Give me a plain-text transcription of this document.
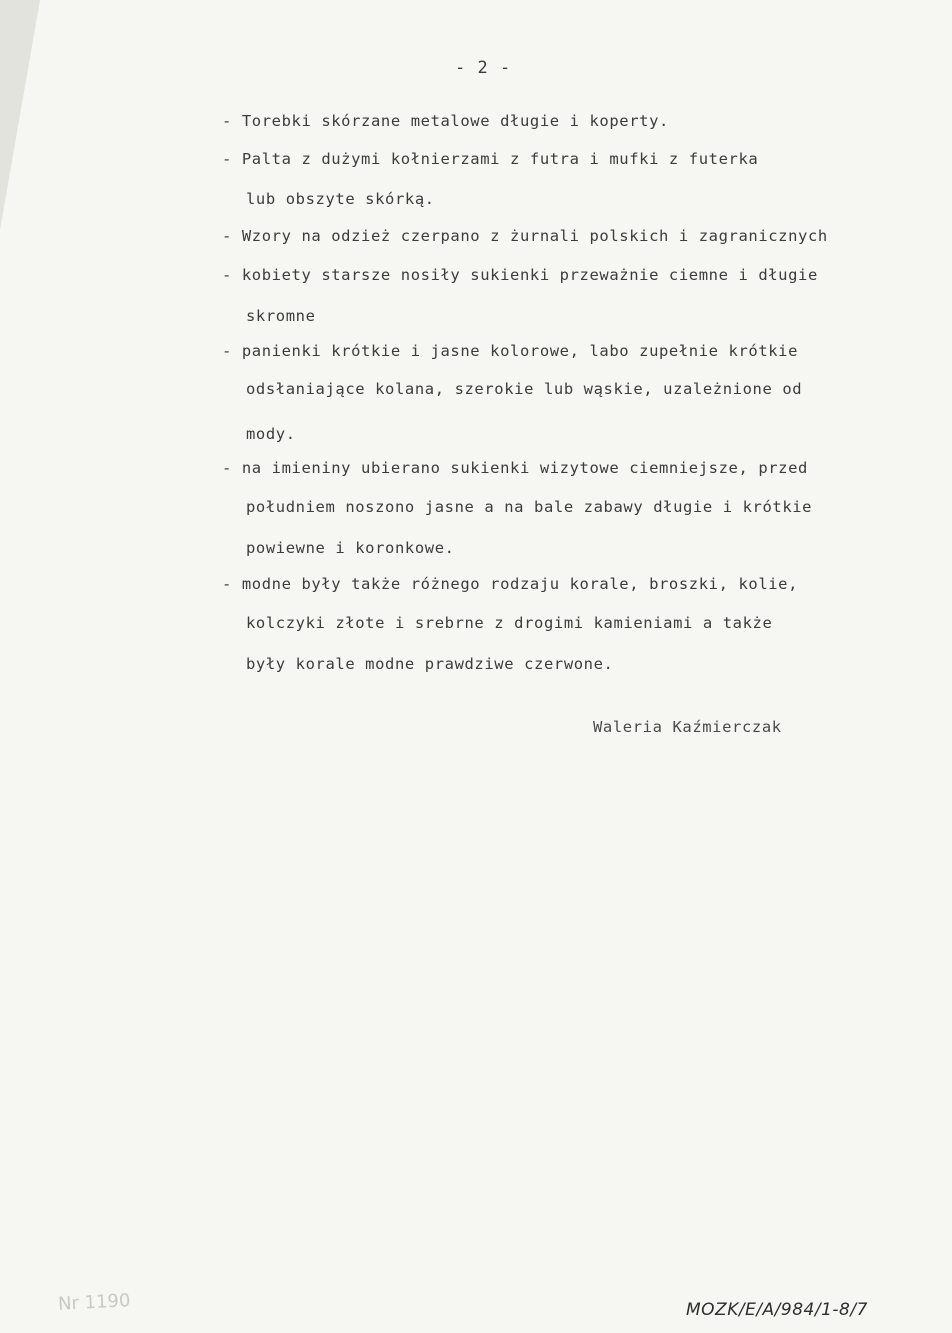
- 2 -
- Torebki skórzane metalowe długie i koperty.
- Palta z dużymi kołnierzami z futra i mufki z futerka
lub obszyte skórką.
- Wzory na odzież czerpano z żurnali polskich i zagranicznych
- kobiety starsze nosiły sukienki przeważnie ciemne i długie
skromne
- panienki krótkie i jasne kolorowe, labo zupełnie krótkie
odsłaniające kolana, szerokie lub wąskie, uzależnione od
mody.
- na imieniny ubierano sukienki wizytowe ciemniejsze, przed
południem noszono jasne a na bale zabawy długie i krótkie
powiewne i koronkowe.
- modne były także różnego rodzaju korale, broszki, kolie,
kolczyki złote i srebrne z drogimi kamieniami a także
były korale modne prawdziwe czerwone.
Waleria Kaźmierczak
Nr 1190	MOZK/E/A/984/1-8/7
